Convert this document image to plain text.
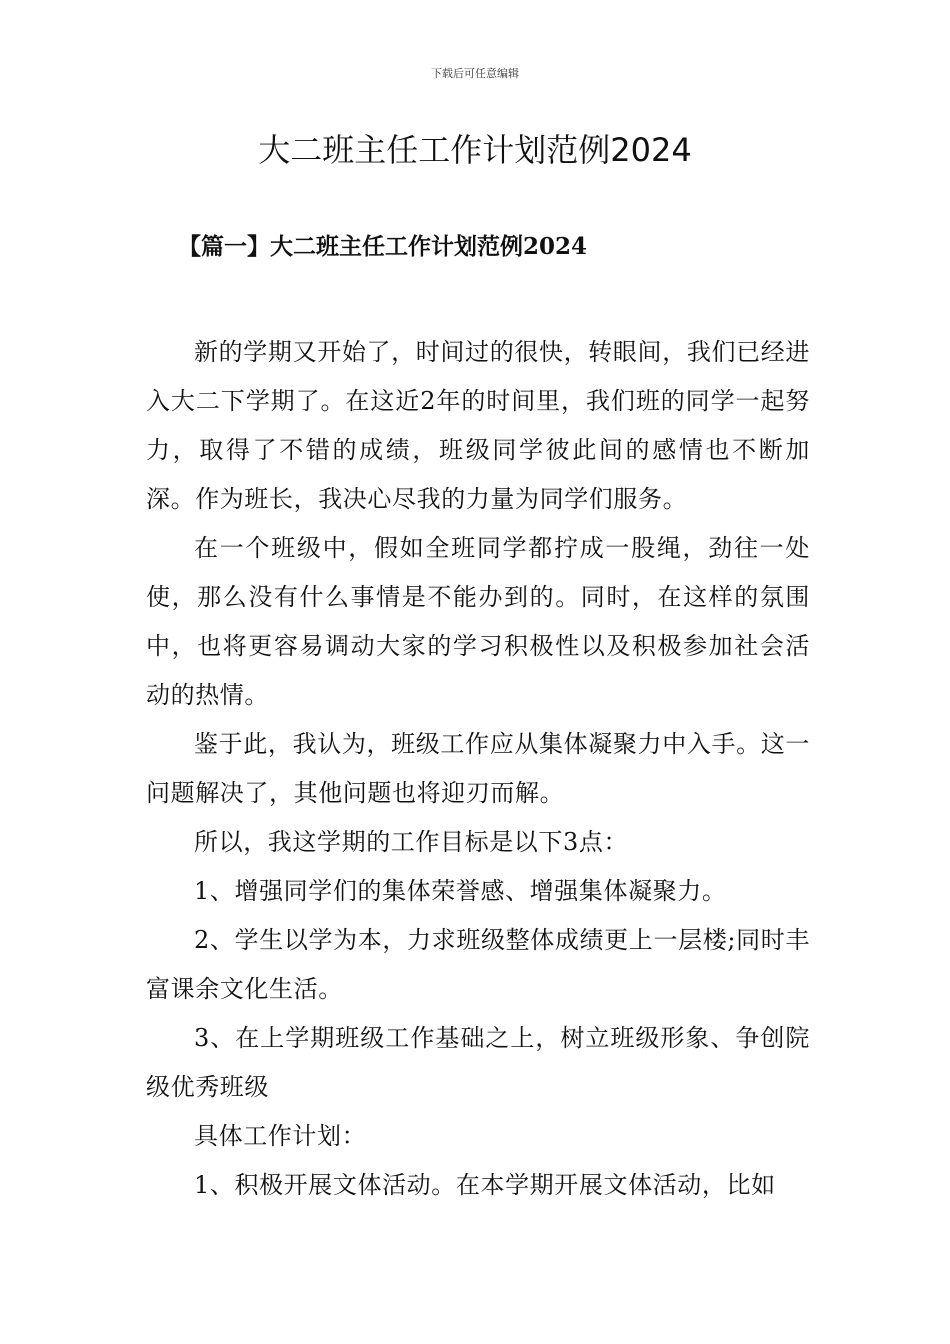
下载后可任意编辑
大二班主任工作计划范例2024
【篇一】大二班主任工作计划范例2024

新的学期又开始了，时间过的很快，转眼间，我们已经进入大二下学期了。在这近2年的时间里，我们班的同学一起努力，取得了不错的成绩，班级同学彼此间的感情也不断加深。作为班长，我决心尽我的力量为同学们服务。

在一个班级中，假如全班同学都拧成一股绳，劲往一处使，那么没有什么事情是不能办到的。同时，在这样的氛围中，也将更容易调动大家的学习积极性以及积极参加社会活动的热情。

鉴于此，我认为，班级工作应从集体凝聚力中入手。这一问题解决了，其他问题也将迎刃而解。

所以，我这学期的工作目标是以下3点：

1、增强同学们的集体荣誉感、增强集体凝聚力。

2、学生以学为本，力求班级整体成绩更上一层楼;同时丰富课余文化生活。

3、在上学期班级工作基础之上，树立班级形象、争创院级优秀班级

具体工作计划：

1、积极开展文体活动。在本学期开展文体活动，比如
